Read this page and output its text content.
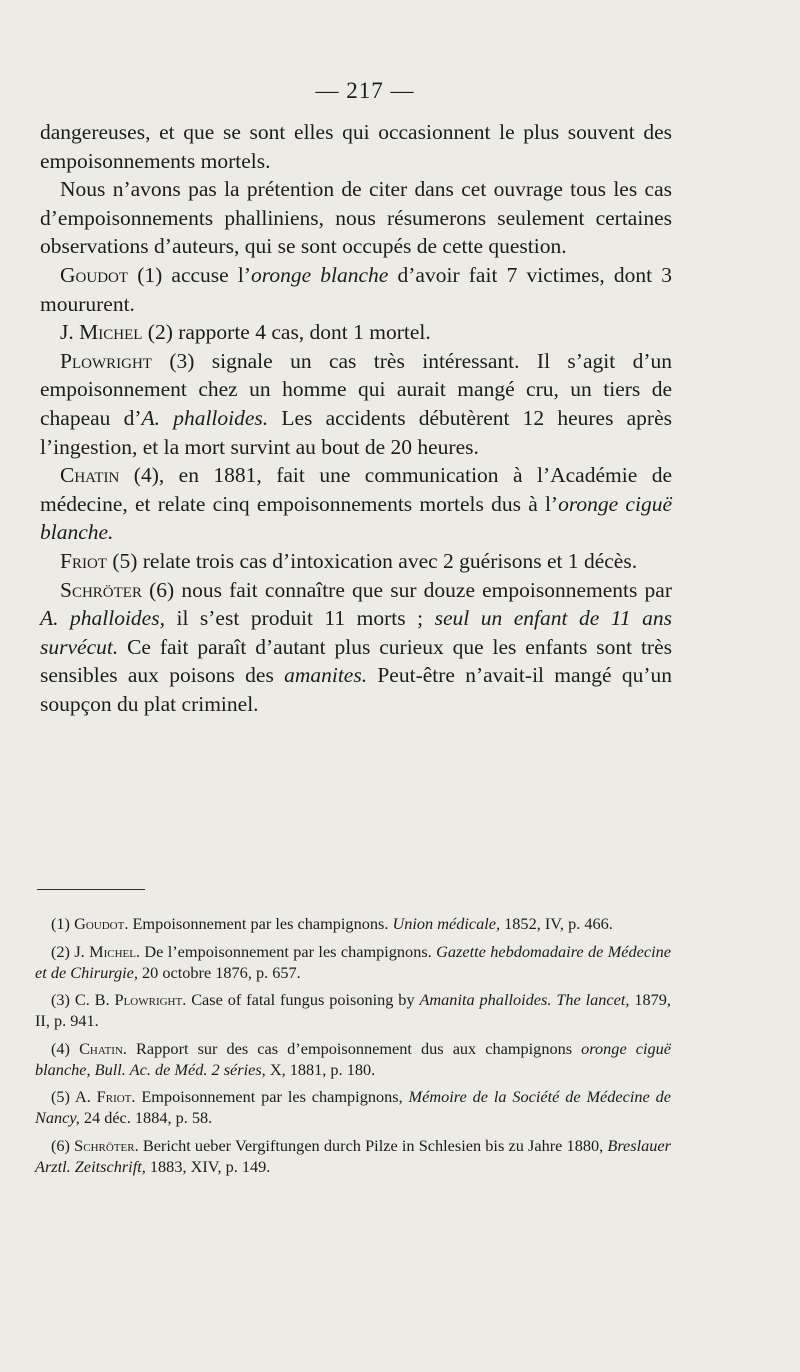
— 217 —

dangereuses, et que se sont elles qui occasionnent le plus souvent des empoisonnements mortels.

Nous n’avons pas la prétention de citer dans cet ouvrage tous les cas d’empoisonnements phalliniens, nous résumerons seulement certaines observations d’auteurs, qui se sont occupés de cette question.

Goudot (1) accuse l’oronge blanche d’avoir fait 7 victimes, dont 3 moururent.

J. Michel (2) rapporte 4 cas, dont 1 mortel.

Plowright (3) signale un cas très intéressant. Il s’agit d’un empoisonnement chez un homme qui aurait mangé cru, un tiers de chapeau d’A. phalloides. Les accidents débutèrent 12 heures après l’ingestion, et la mort survint au bout de 20 heures.

Chatin (4), en 1881, fait une communication à l’Académie de médecine, et relate cinq empoisonnements mortels dus à l’oronge ciguë blanche.

Friot (5) relate trois cas d’intoxication avec 2 guérisons et 1 décès.

Schröter (6) nous fait connaître que sur douze empoisonnements par A. phalloides, il s’est produit 11 morts ; seul un enfant de 11 ans survécut. Ce fait paraît d’autant plus curieux que les enfants sont très sensibles aux poisons des amanites. Peut-être n’avait-il mangé qu’un soupçon du plat criminel.

(1) Goudot. Empoisonnement par les champignons. Union médicale, 1852, IV, p. 466.

(2) J. Michel. De l’empoisonnement par les champignons. Gazette hebdomadaire de Médecine et de Chirurgie, 20 octobre 1876, p. 657.

(3) C. B. Plowright. Case of fatal fungus poisoning by Amanita phalloides. The lancet, 1879, II, p. 941.

(4) Chatin. Rapport sur des cas d’empoisonnement dus aux champignons oronge ciguë blanche, Bull. Ac. de Méd. 2 séries, X, 1881, p. 180.

(5) A. Friot. Empoisonnement par les champignons, Mémoire de la Société de Médecine de Nancy, 24 déc. 1884, p. 58.

(6) Schröter. Bericht ueber Vergiftungen durch Pilze in Schlesien bis zu Jahre 1880, Breslauer Arztl. Zeitschrift, 1883, XIV, p. 149.
